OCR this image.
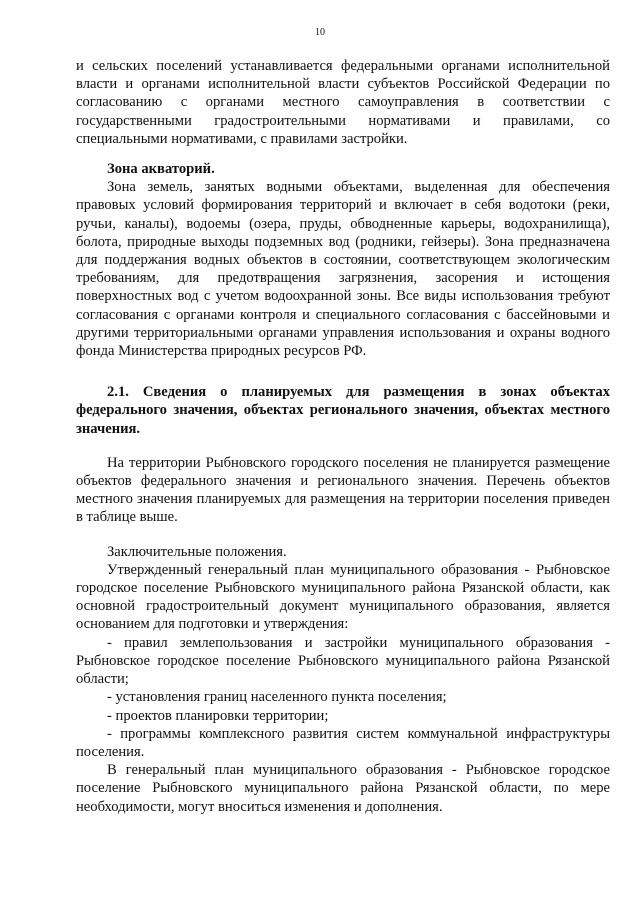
10

и сельских поселений устанавливается федеральными органами исполнительной власти и органами исполнительной власти субъектов Российской Федерации по согласованию с органами местного самоуправления в соответствии с государственными градостроительными нормативами и правилами, со специальными нормативами, с правилами застройки.

Зона акваторий.

Зона земель, занятых водными объектами, выделенная для обеспечения правовых условий формирования территорий и включает в себя водотоки (реки, ручьи, каналы), водоемы (озера, пруды, обводненные карьеры, водохранилища), болота, природные выходы подземных вод (родники, гейзеры). Зона предназначена для поддержания водных объектов в состоянии, соответствующем экологическим требованиям, для предотвращения загрязнения, засорения и истощения поверхностных вод с учетом водоохранной зоны. Все виды использования требуют согласования с органами контроля и специального согласования с бассейновыми и другими территориальными органами управления использования и охраны водного фонда Министерства природных ресурсов РФ.

2.1. Сведения о планируемых для размещения в зонах объектах федерального значения, объектах регионального значения, объектах местного значения.

На территории Рыбновского городского поселения не планируется размещение объектов федерального значения и регионального значения. Перечень объектов местного значения планируемых для размещения на территории поселения приведен в таблице выше.

Заключительные положения.

Утвержденный генеральный план муниципального образования - Рыбновское городское поселение Рыбновского муниципального района Рязанской области, как основной градостроительный документ муниципального образования, является основанием для подготовки и утверждения:

- правил землепользования и застройки муниципального образования - Рыбновское городское поселение Рыбновского муниципального района Рязанской области;

- установления границ населенного пункта поселения;

- проектов планировки территории;

- программы комплексного развития систем коммунальной инфраструктуры поселения.

В генеральный план муниципального образования - Рыбновское городское поселение Рыбновского муниципального района Рязанской области, по мере необходимости, могут вноситься изменения и дополнения.
